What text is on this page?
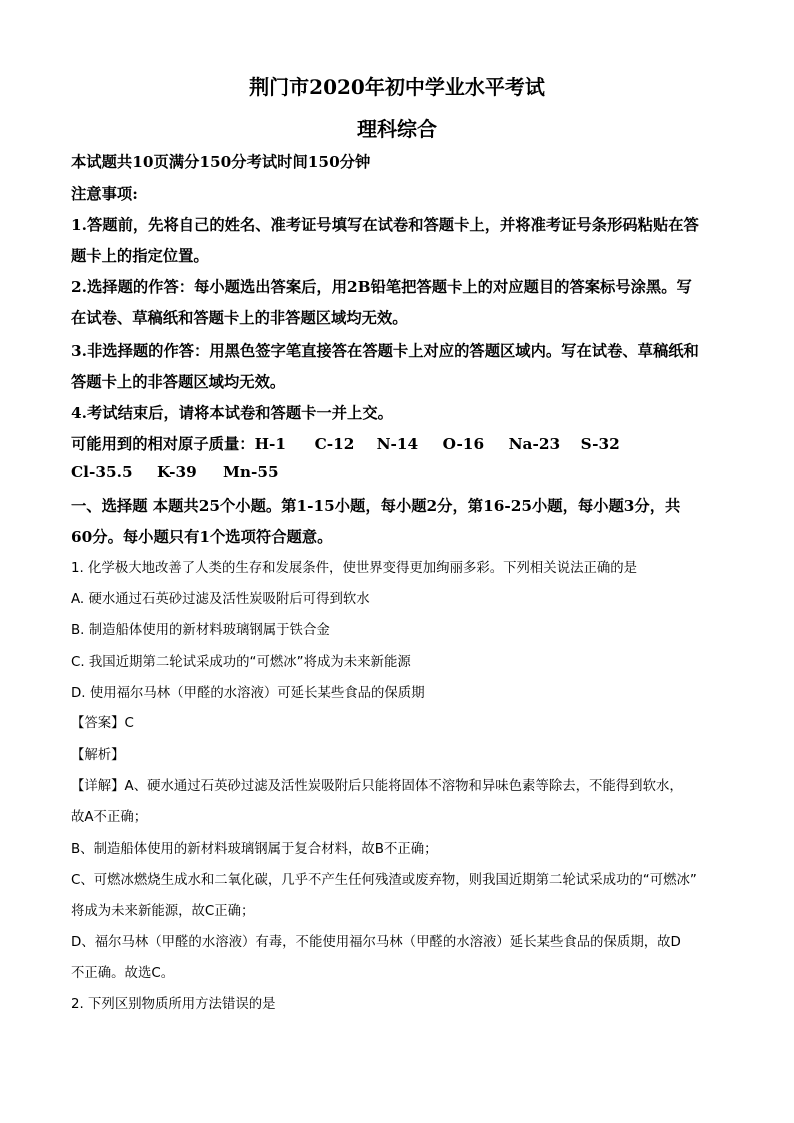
荆门市2020年初中学业水平考试
理科综合
本试题共10页满分150分考试时间150分钟
注意事项:
1.答题前，先将自己的姓名、准考证号填写在试卷和答题卡上，并将准考证号条形码粘贴在答
题卡上的指定位置。
2.选择题的作答：每小题选出答案后，用2B铅笔把答题卡上的对应题目的答案标号涂黑。写
在试卷、草稿纸和答题卡上的非答题区域均无效。
3.非选择题的作答：用黑色签字笔直接答在答题卡上对应的答题区域内。写在试卷、草稿纸和
答题卡上的非答题区域均无效。
4.考试结束后，请将本试卷和答题卡一并上交。
可能用到的相对原子质量：H-1 C-12 N-14 O-16 Na-23 S-32
Cl-35.5 K-39 Mn-55
一、选择题 本题共25个小题。第1-15小题，每小题2分，第16-25小题，每小题3分，共
60分。每小题只有1个选项符合题意。
1. 化学极大地改善了人类的生存和发展条件，使世界变得更加绚丽多彩。下列相关说法正确的是
A. 硬水通过石英砂过滤及活性炭吸附后可得到软水
B. 制造船体使用的新材料玻璃钢属于铁合金
C. 我国近期第二轮试采成功的“可燃冰”将成为未来新能源
D. 使用福尔马林（甲醛的水溶液）可延长某些食品的保质期
【答案】C
【解析】
【详解】A、硬水通过石英砂过滤及活性炭吸附后只能将固体不溶物和异味色素等除去，不能得到软水，
故A不正确；
B、制造船体使用的新材料玻璃钢属于复合材料，故B不正确；
C、可燃冰燃烧生成水和二氧化碳，几乎不产生任何残渣或废弃物，则我国近期第二轮试采成功的“可燃冰”
将成为未来新能源，故C正确；
D、福尔马林（甲醛的水溶液）有毒，不能使用福尔马林（甲醛的水溶液）延长某些食品的保质期，故D
不正确。故选C。
2. 下列区别物质所用方法错误的是
